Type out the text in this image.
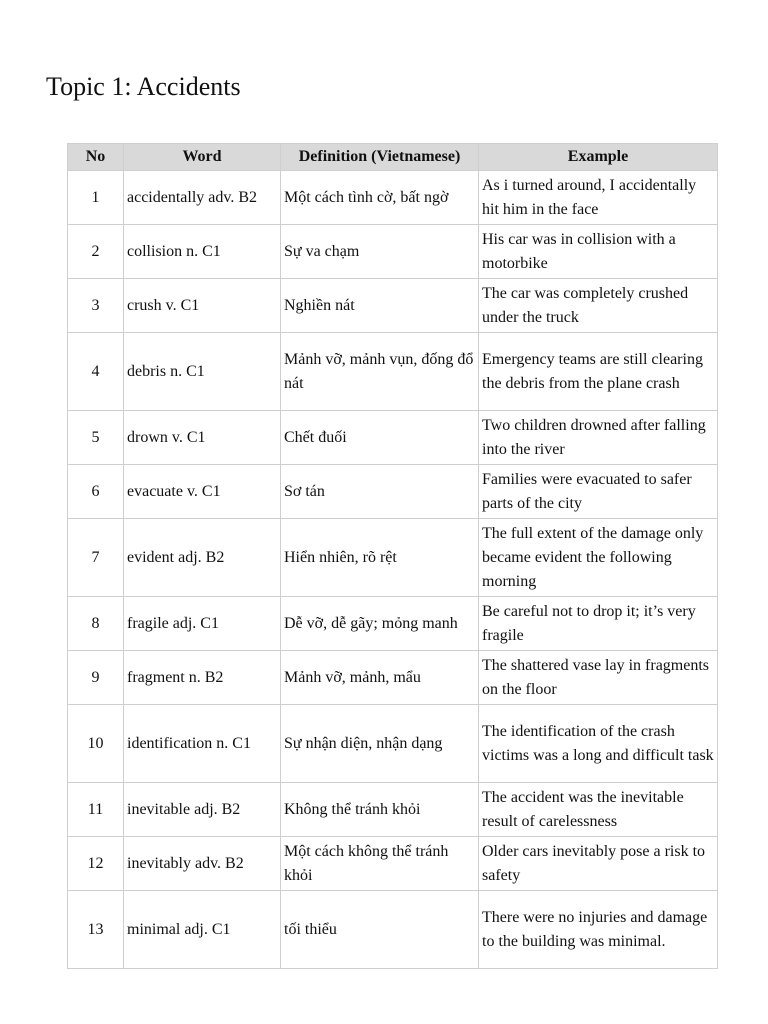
Topic 1: Accidents
No	Word	Definition (Vietnamese)	Example
1	accidentally adv. B2	Một cách tình cờ, bất ngờ	As i turned around, I accidentally hit him in the face
2	collision n. C1	Sự va chạm	His car was in collision with a motorbike
3	crush v. C1	Nghiền nát	The car was completely crushed under the truck
4	debris n. C1	Mảnh vỡ, mảnh vụn, đống đổ nát	Emergency teams are still clearing the debris from the plane crash
5	drown v. C1	Chết đuối	Two children drowned after falling into the river
6	evacuate v. C1	Sơ tán	Families were evacuated to safer parts of the city
7	evident adj. B2	Hiển nhiên, rõ rệt	The full extent of the damage only became evident the following morning
8	fragile adj. C1	Dễ vỡ, dễ gãy; mỏng manh	Be careful not to drop it; it’s very fragile
9	fragment n. B2	Mảnh vỡ, mảnh, mẩu	The shattered vase lay in fragments on the floor
10	identification n. C1	Sự nhận diện, nhận dạng	The identification of the crash victims was a long and difficult task
11	inevitable adj. B2	Không thể tránh khỏi	The accident was the inevitable result of carelessness
12	inevitably adv. B2	Một cách không thể tránh khỏi	Older cars inevitably pose a risk to safety
13	minimal adj. C1	tối thiểu	There were no injuries and damage to the building was minimal.
